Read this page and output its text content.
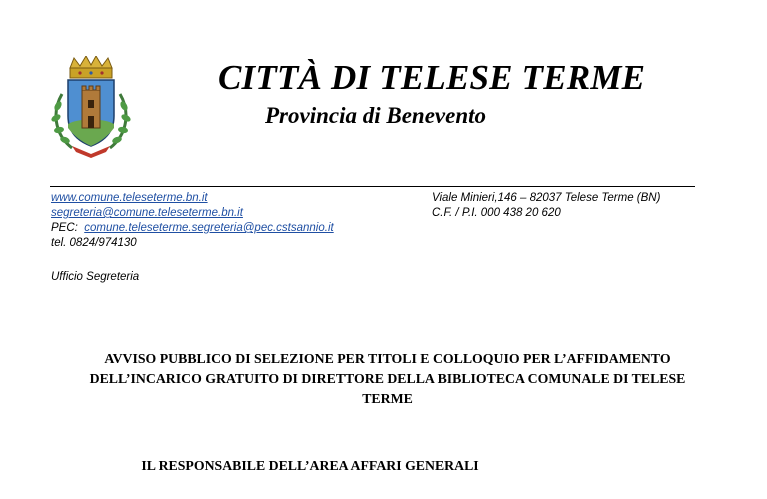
CITTÀ DI TELESE TERME
Provincia di Benevento
www.comune.teleseterme.bn.it
segreteria@comune.teleseterme.bn.it
PEC: comune.teleseterme.segreteria@pec.cstsannio.it
tel. 0824/974130
Viale Minieri,146 – 82037 Telese Terme (BN)
C.F. / P.I. 000 438 20 620
Ufficio Segreteria

AVVISO PUBBLICO DI SELEZIONE PER TITOLI E COLLOQUIO PER L’AFFIDAMENTO
DELL’INCARICO GRATUITO DI DIRETTORE DELLA BIBLIOTECA COMUNALE DI TELESE
TERME

IL RESPONSABILE DELL’AREA AFFARI GENERALI
